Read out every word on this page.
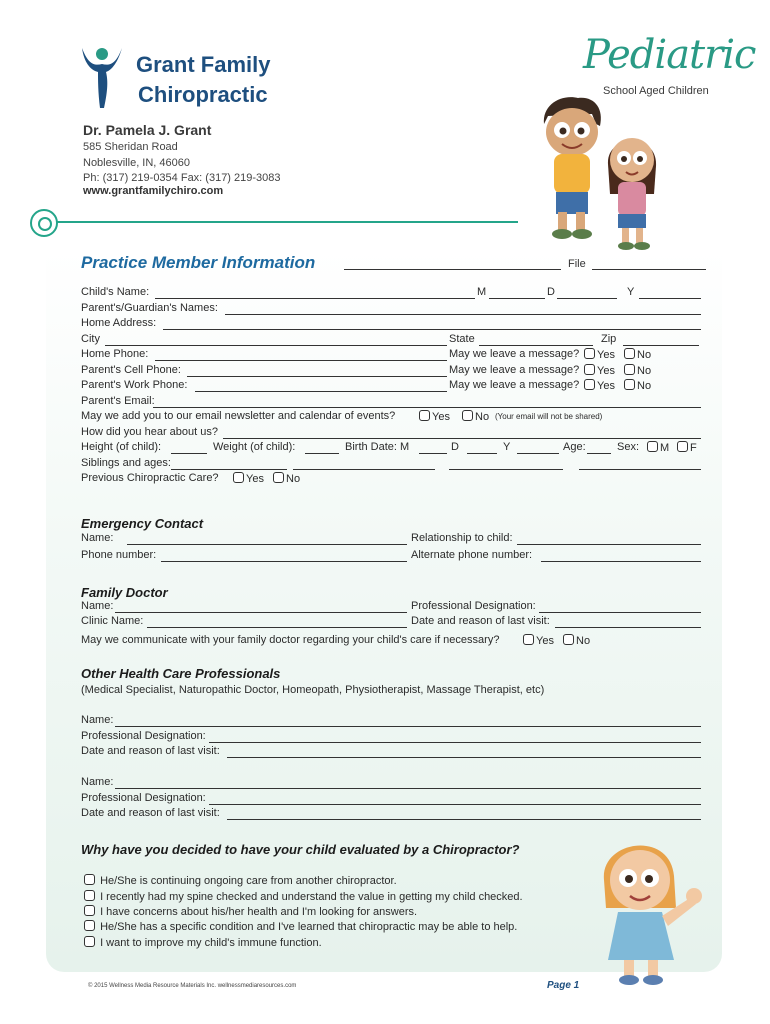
Grant Family
Chiropractic
Pediatric
School Aged Children
Dr. Pamela J. Grant
585 Sheridan Road
Noblesville, IN, 46060
Ph: (317) 219-0354 Fax: (317) 219-3083
www.grantfamilychiro.com
Practice Member Information	File
Child's Name:	M	D	Y
Parent's/Guardian's Names:
Home Address:
City	State	Zip
Home Phone:	May we leave a message?	Yes	No
Parent's Cell Phone:	May we leave a message?	Yes	No
Parent's Work Phone:	May we leave a message?	Yes	No
Parent's Email:
May we add you to our email newsletter and calendar of events?	Yes	No (Your email will not be shared)
How did you hear about us?
Height (of child):	Weight (of child):	Birth Date: M	D	Y	Age:	Sex:	M	F
Siblings and ages:
Previous Chiropractic Care?	Yes	No
Emergency Contact
Name:	Relationship to child:
Phone number:	Alternate phone number:
Family Doctor
Name:	Professional Designation:
Clinic Name:	Date and reason of last visit:
May we communicate with your family doctor regarding your child's care if necessary?	Yes	No
Other Health Care Professionals
(Medical Specialist, Naturopathic Doctor, Homeopath, Physiotherapist, Massage Therapist, etc)
Name:
Professional Designation:
Date and reason of last visit:
Name:
Professional Designation:
Date and reason of last visit:
Why have you decided to have your child evaluated by a Chiropractor?
He/She is continuing ongoing care from another chiropractor.
I recently had my spine checked and understand the value in getting my child checked.
I have concerns about his/her health and I'm looking for answers.
He/She has a specific condition and I've learned that chiropractic may be able to help.
I want to improve my child's immune function.
© 2015 Wellness Media Resource Materials Inc. wellnessmediaresources.com	Page 1
